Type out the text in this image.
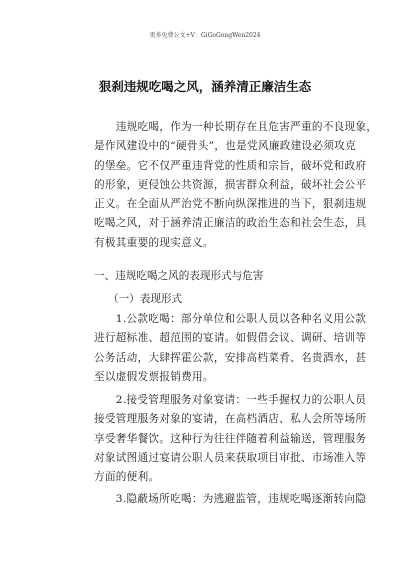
更多免费公文+V：GiGoGongWen2024
狠刹违规吃喝之风，涵养清正廉洁生态
　　违规吃喝，作为一种长期存在且危害严重的不良现象，
是作风建设中的“硬骨头”，也是党风廉政建设必须攻克
的堡垒。它不仅严重违背党的性质和宗旨，破坏党和政府
的形象，更侵蚀公共资源，损害群众利益，破坏社会公平
正义。在全面从严治党不断向纵深推进的当下，狠刹违规
吃喝之风，对于涵养清正廉洁的政治生态和社会生态，具
有极其重要的现实意义。
一、违规吃喝之风的表现形式与危害
（一）表现形式
　　1.公款吃喝：部分单位和公职人员以各种名义用公款
进行超标准、超范围的宴请。如假借会议、调研、培训等
公务活动，大肆挥霍公款，安排高档菜肴、名贵酒水，甚
至以虚假发票报销费用。
　　2.接受管理服务对象宴请：一些手握权力的公职人员
接受管理服务对象的宴请，在高档酒店、私人会所等场所
享受奢华餐饮。这种行为往往伴随着利益输送，管理服务
对象试图通过宴请公职人员来获取项目审批、市场准入等
方面的便利。
　　3.隐蔽场所吃喝：为逃避监管，违规吃喝逐渐转向隐
